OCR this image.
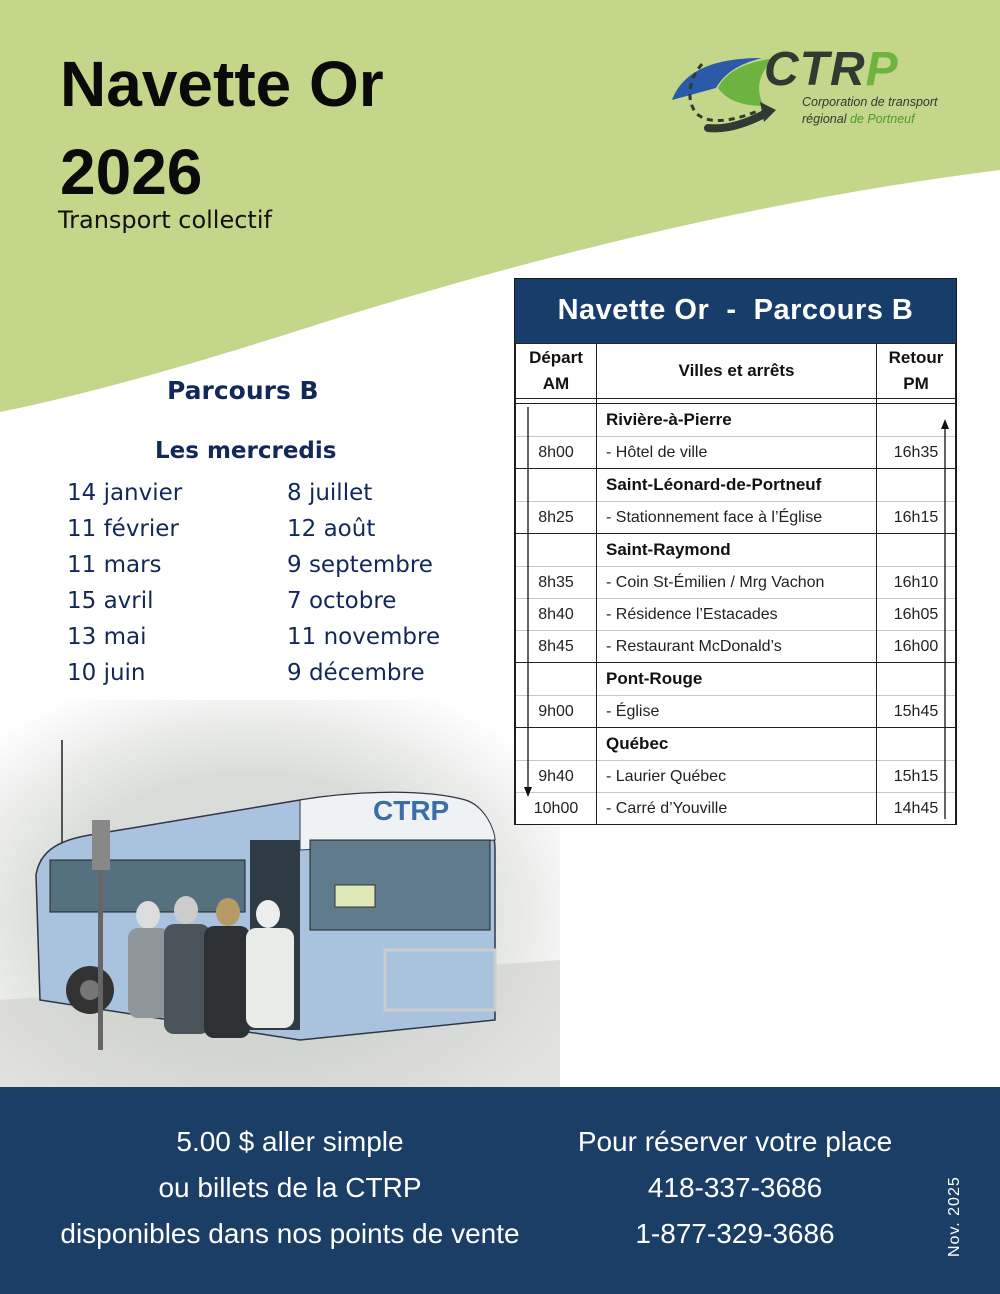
Navette Or
2026
Transport collectif
CTRP
Corporation de transport
régional de Portneuf
Parcours B
Les mercredis
14 janvier	8 juillet
11 février	12 août
11 mars	9 septembre
15 avril	7 octobre
13 mai	11 novembre
10 juin	9 décembre
Navette Or  -  Parcours B
Départ
AM
	Villes et arrêts	
Retour
PM

	Rivière-à-Pierre	
8h00	- Hôtel de ville	16h35
	Saint-Léonard-de-Portneuf	
8h25	- Stationnement face à l’Église	16h15
	Saint-Raymond	
8h35	- Coin St-Émilien / Mrg Vachon	16h10
8h40	- Résidence l’Estacades	16h05
8h45	- Restaurant McDonald’s	16h00
	Pont-Rouge	
9h00	- Église	15h45
	Québec	
9h40	- Laurier Québec	15h15
10h00	- Carré d’Youville	14h45
CTRP
5.00 $ aller simple
ou billets de la CTRP
disponibles dans nos points de vente
Pour réserver votre place
418-337-3686
1-877-329-3686	Nov. 2025
